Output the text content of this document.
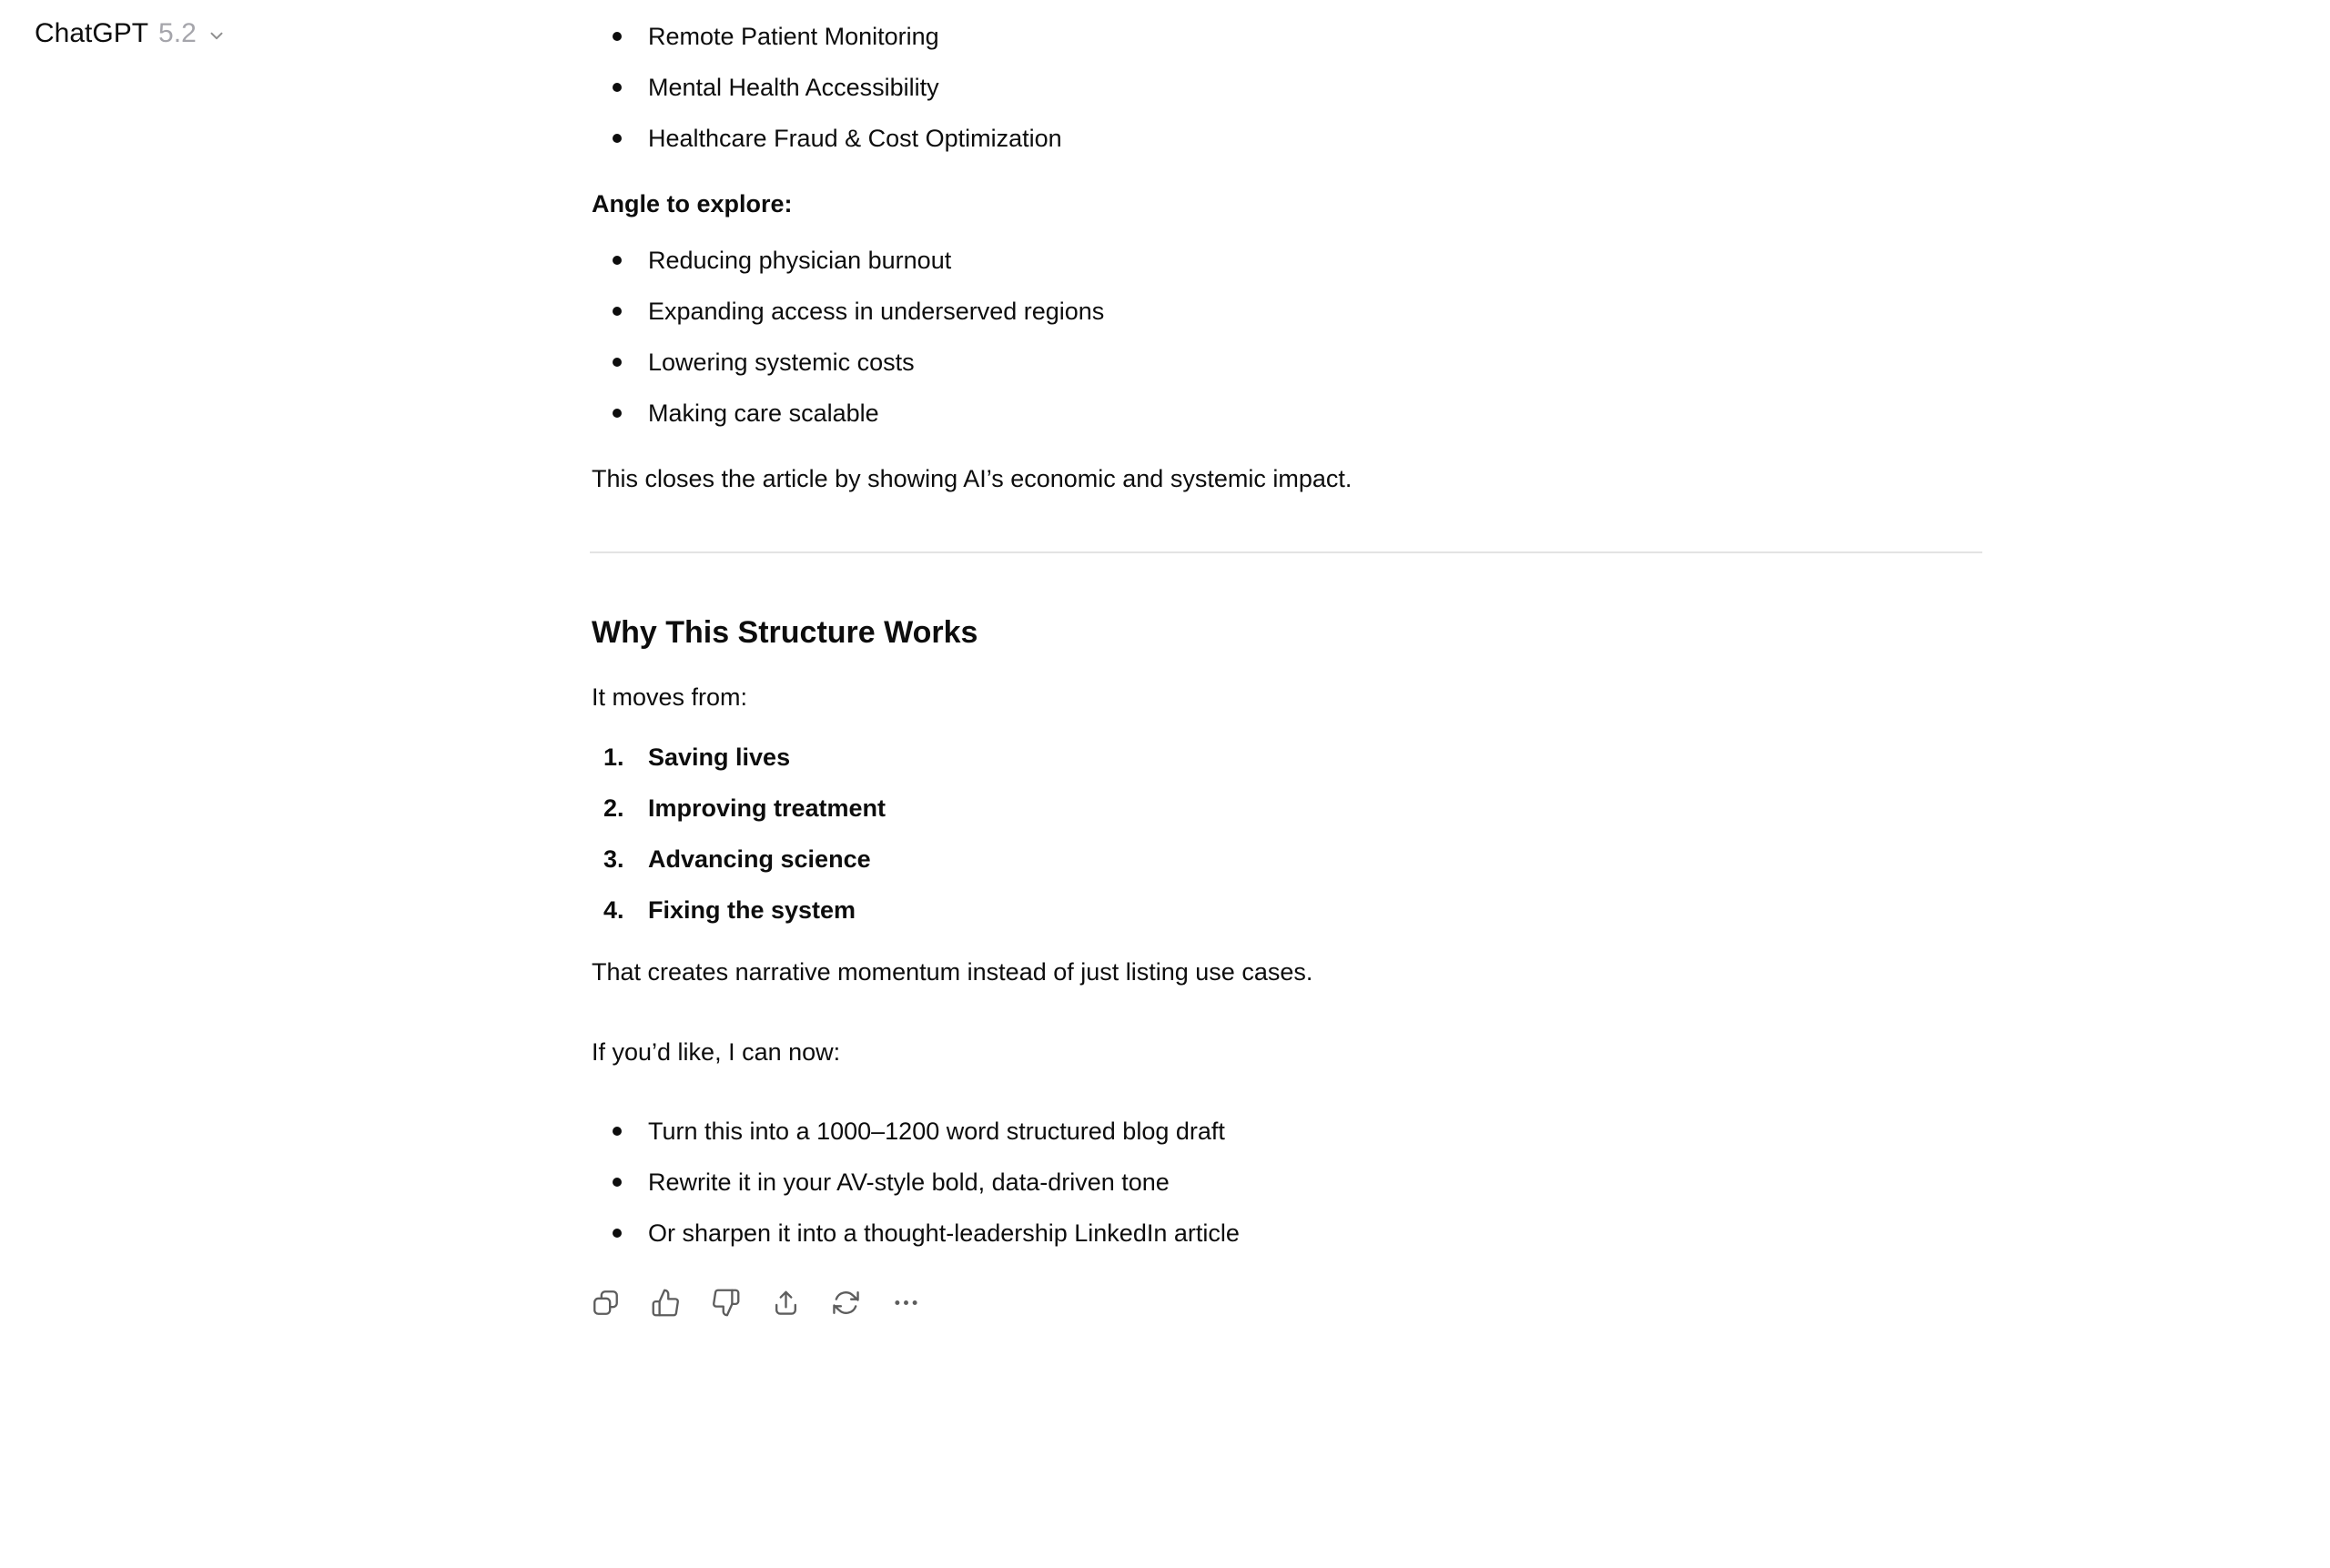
ChatGPT 5.2	Remote Patient Monitoring
Mental Health Accessibility
Healthcare Fraud & Cost Optimization

Angle to explore:

Reducing physician burnout
Expanding access in underserved regions
Lowering systemic costs
Making care scalable

This closes the article by showing AI’s economic and systemic impact.

Why This Structure Works

It moves from:

1. Saving lives
2. Improving treatment
3. Advancing science
4. Fixing the system

That creates narrative momentum instead of just listing use cases.

If you’d like, I can now:

Turn this into a 1000–1200 word structured blog draft
Rewrite it in your AV-style bold, data-driven tone
Or sharpen it into a thought-leadership LinkedIn article
